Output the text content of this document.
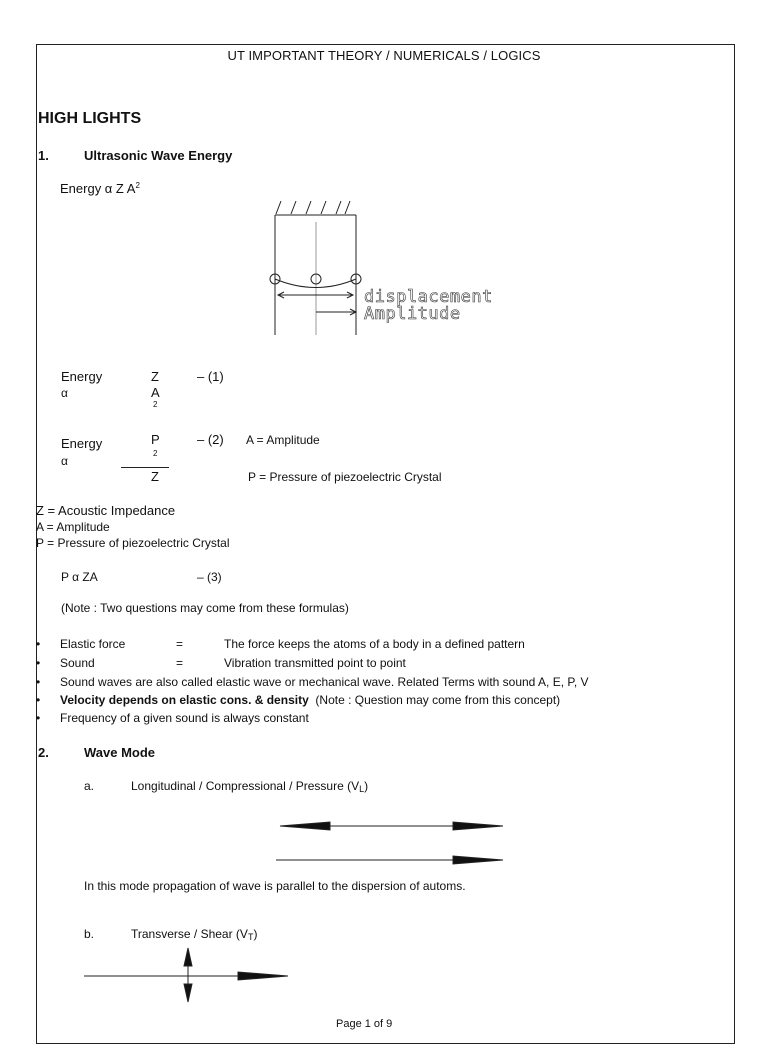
UT IMPORTANT THEORY / NUMERICALS / LOGICS
HIGH LIGHTS
1.	Ultrasonic Wave Energy
Energy α Z $A^2$
displacement
Amplitude
Energy
α
Z
A
2
– (1)
Energy
α
P
2
Z
– (2) A = Amplitude
P = Pressure of piezoelectric Crystal
Z = Acoustic Impedance
A = Amplitude
P = Pressure of piezoelectric Crystal
P α ZA	– (3)
(Note : Two questions may come from these formulas)
• Elastic force	=	The force keeps the atoms of a body in a defined pattern
• Sound	=	Vibration transmitted point to point
• Sound waves are also called elastic wave or mechanical wave. Related Terms with sound A, E, P, V
• Velocity depends on elastic cons. & density  (Note : Question may come from this concept)
• Frequency of a given sound is always constant
2.	Wave Mode
a.	Longitudinal / Compressional / Pressure $(V_L)$
In this mode propagation of wave is parallel to the dispersion of automs.
b.	Transverse / Shear $(V_T)$
Page 1 of 9
